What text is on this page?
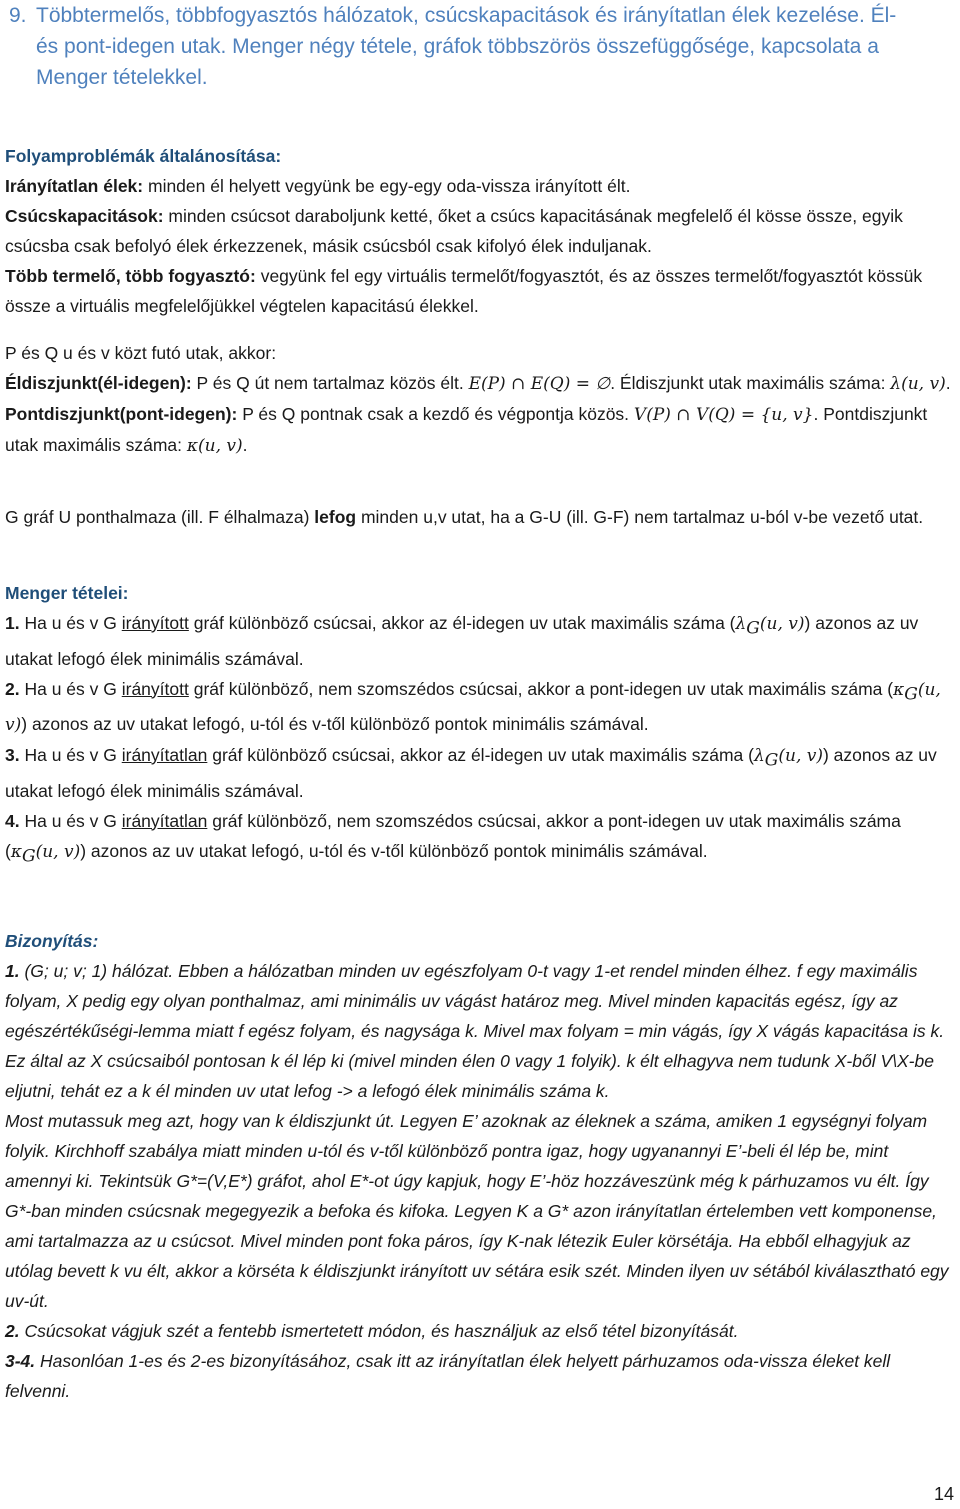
9. Többtermelős, többfogyasztós hálózatok, csúcskapacitások és irányítatlan élek kezelése. Él- és pont-idegen utak. Menger négy tétele, gráfok többszörös összefüggősége, kapcsolata a Menger tételekkel.

Folyamproblémák általánosítása:

Irányítatlan élek: minden él helyett vegyünk be egy-egy oda-vissza irányított élt.

Csúcskapacitások: minden csúcsot daraboljunk ketté, őket a csúcs kapacitásának megfelelő él kösse össze, egyik csúcsba csak befolyó élek érkezzenek, másik csúcsból csak kifolyó élek induljanak.

Több termelő, több fogyasztó: vegyünk fel egy virtuális termelőt/fogyasztót, és az összes termelőt/fogyasztót kössük össze a virtuális megfelelőjükkel végtelen kapacitású élekkel.

P és Q u és v közt futó utak, akkor:

Éldiszjunkt(él-idegen): P és Q út nem tartalmaz közös élt. E(P) ∩ E(Q) = ∅. Éldiszjunkt utak maximális száma: λ(u, v).

Pontdiszjunkt(pont-idegen): P és Q pontnak csak a kezdő és végpontja közös. V(P) ∩ V(Q) = {u, v}. Pontdiszjunkt utak maximális száma: κ(u, v).

G gráf U ponthalmaza (ill. F élhalmaza) lefog minden u,v utat, ha a G-U (ill. G-F) nem tartalmaz u-ból v-be vezető utat.

Menger tételei:

1. Ha u és v G irányított gráf különböző csúcsai, akkor az él-idegen uv utak maximális száma ($\lambda_G(u$, v)) azonos az uv utakat lefogó élek minimális számával.

2. Ha u és v G irányított gráf különböző, nem szomszédos csúcsai, akkor a pont-idegen uv utak maximális száma ($\kappa_G(u$, v)) azonos az uv utakat lefogó, u-tól és v-től különböző pontok minimális számával.

3. Ha u és v G irányítatlan gráf különböző csúcsai, akkor az él-idegen uv utak maximális száma ($\lambda_G(u$, v)) azonos az uv utakat lefogó élek minimális számával.

4. Ha u és v G irányítatlan gráf különböző, nem szomszédos csúcsai, akkor a pont-idegen uv utak maximális száma ($\kappa_G(u$, v)) azonos az uv utakat lefogó, u-tól és v-től különböző pontok minimális számával.

Bizonyítás:

1. (G; u; v; 1) hálózat. Ebben a hálózatban minden uv egészfolyam 0-t vagy 1-et rendel minden élhez. f egy maximális folyam, X pedig egy olyan ponthalmaz, ami minimális uv vágást határoz meg. Mivel minden kapacitás egész, így az egészértékűségi-lemma miatt f egész folyam, és nagysága k. Mivel max folyam = min vágás, így X vágás kapacitása is k. Ez által az X csúcsaiból pontosan k él lép ki (mivel minden élen 0 vagy 1 folyik). k élt elhagyva nem tudunk X-ből V\X-be eljutni, tehát ez a k él minden uv utat lefog -> a lefogó élek minimális száma k.

Most mutassuk meg azt, hogy van k éldiszjunkt út. Legyen E’ azoknak az éleknek a száma, amiken 1 egységnyi folyam folyik. Kirchhoff szabálya miatt minden u-tól és v-től különböző pontra igaz, hogy ugyanannyi E’-beli él lép be, mint amennyi ki. Tekintsük G*=(V,E*) gráfot, ahol E*-ot úgy kapjuk, hogy E’-höz hozzáveszünk még k párhuzamos vu élt. Így G*-ban minden csúcsnak megegyezik a befoka és kifoka. Legyen K a G* azon irányítatlan értelemben vett komponense, ami tartalmazza az u csúcsot. Mivel minden pont foka páros, így K-nak létezik Euler körsétája. Ha ebből elhagyjuk az utólag bevett k vu élt, akkor a körséta k éldiszjunkt irányított uv sétára esik szét. Minden ilyen uv sétából kiválasztható egy uv-út.

2. Csúcsokat vágjuk szét a fentebb ismertetett módon, és használjuk az első tétel bizonyítását.

3-4. Hasonlóan 1-es és 2-es bizonyításához, csak itt az irányítatlan élek helyett párhuzamos oda-vissza éleket kell felvenni.

14
